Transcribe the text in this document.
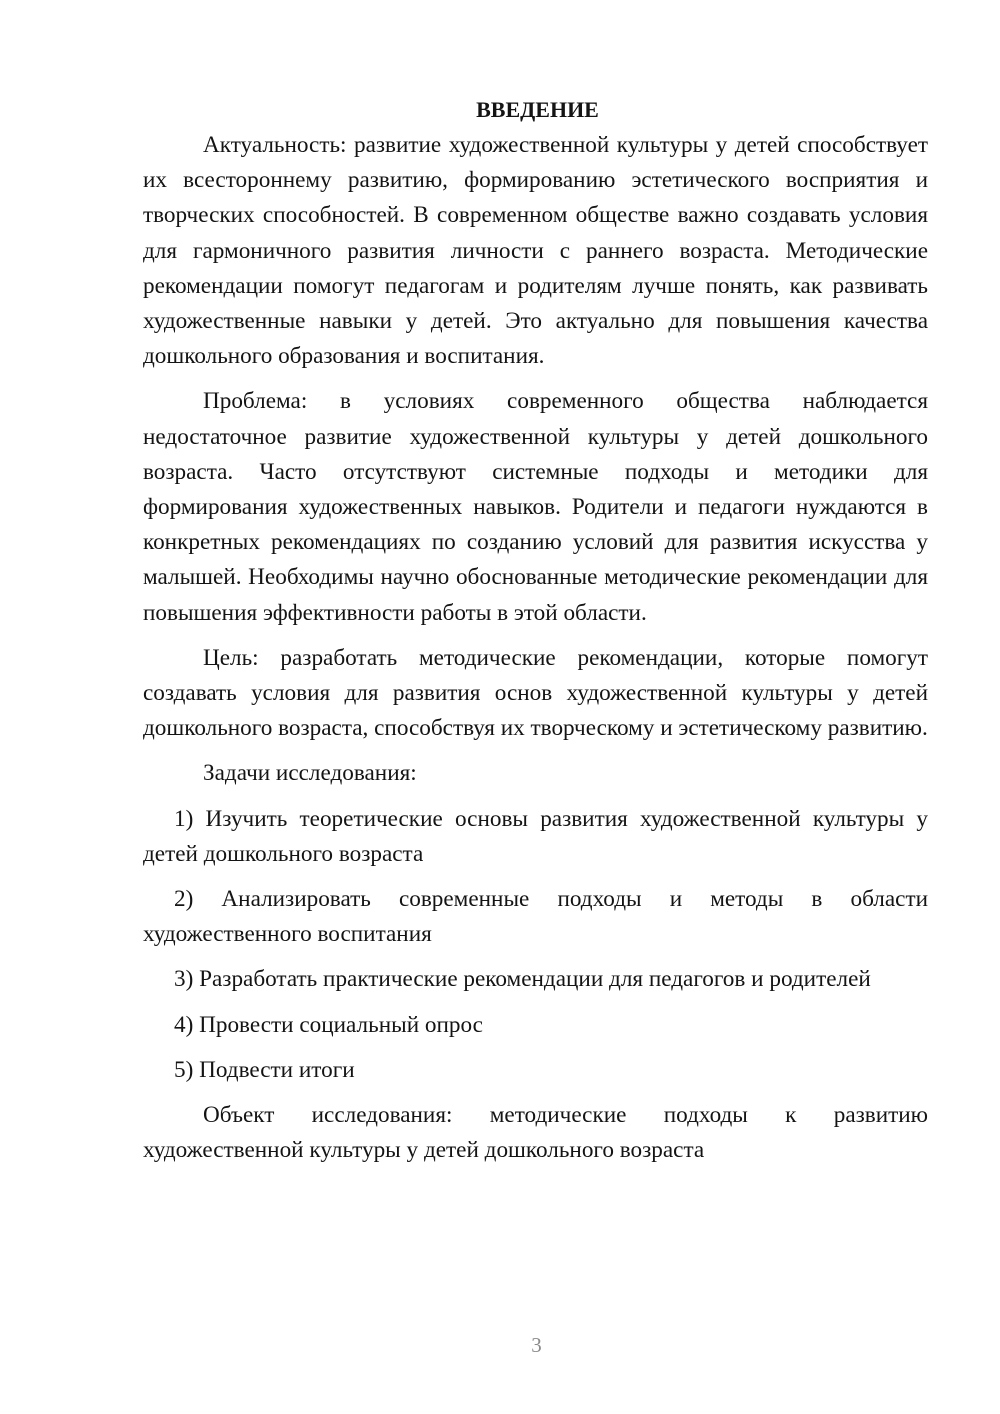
ВВЕДЕНИЕ

Актуальность: развитие художественной культуры у детей способствует их всестороннему развитию, формированию эстетического восприятия и творческих способностей. В современном обществе важно создавать условия для гармоничного развития личности с раннего возраста. Методические рекомендации помогут педагогам и родителям лучше понять, как развивать художественные навыки у детей. Это актуально для повышения качества дошкольного образования и воспитания.

Проблема: в условиях современного общества наблюдается недостаточное развитие художественной культуры у детей дошкольного возраста. Часто отсутствуют системные подходы и методики для формирования художественных навыков. Родители и педагоги нуждаются в конкретных рекомендациях по созданию условий для развития искусства у малышей. Необходимы научно обоснованные методические рекомендации для повышения эффективности работы в этой области.

Цель: разработать методические рекомендации, которые помогут создавать условия для развития основ художественной культуры у детей дошкольного возраста, способствуя их творческому и эстетическому развитию.

Задачи исследования:

1) Изучить теоретические основы развития художественной культуры у детей дошкольного возраста

2) Анализировать современные подходы и методы в области художественного воспитания

3) Разработать практические рекомендации для педагогов и родителей

4) Провести социальный опрос

5) Подвести итоги

Объект исследования: методические подходы к развитию художественной культуры у детей дошкольного возраста

3
